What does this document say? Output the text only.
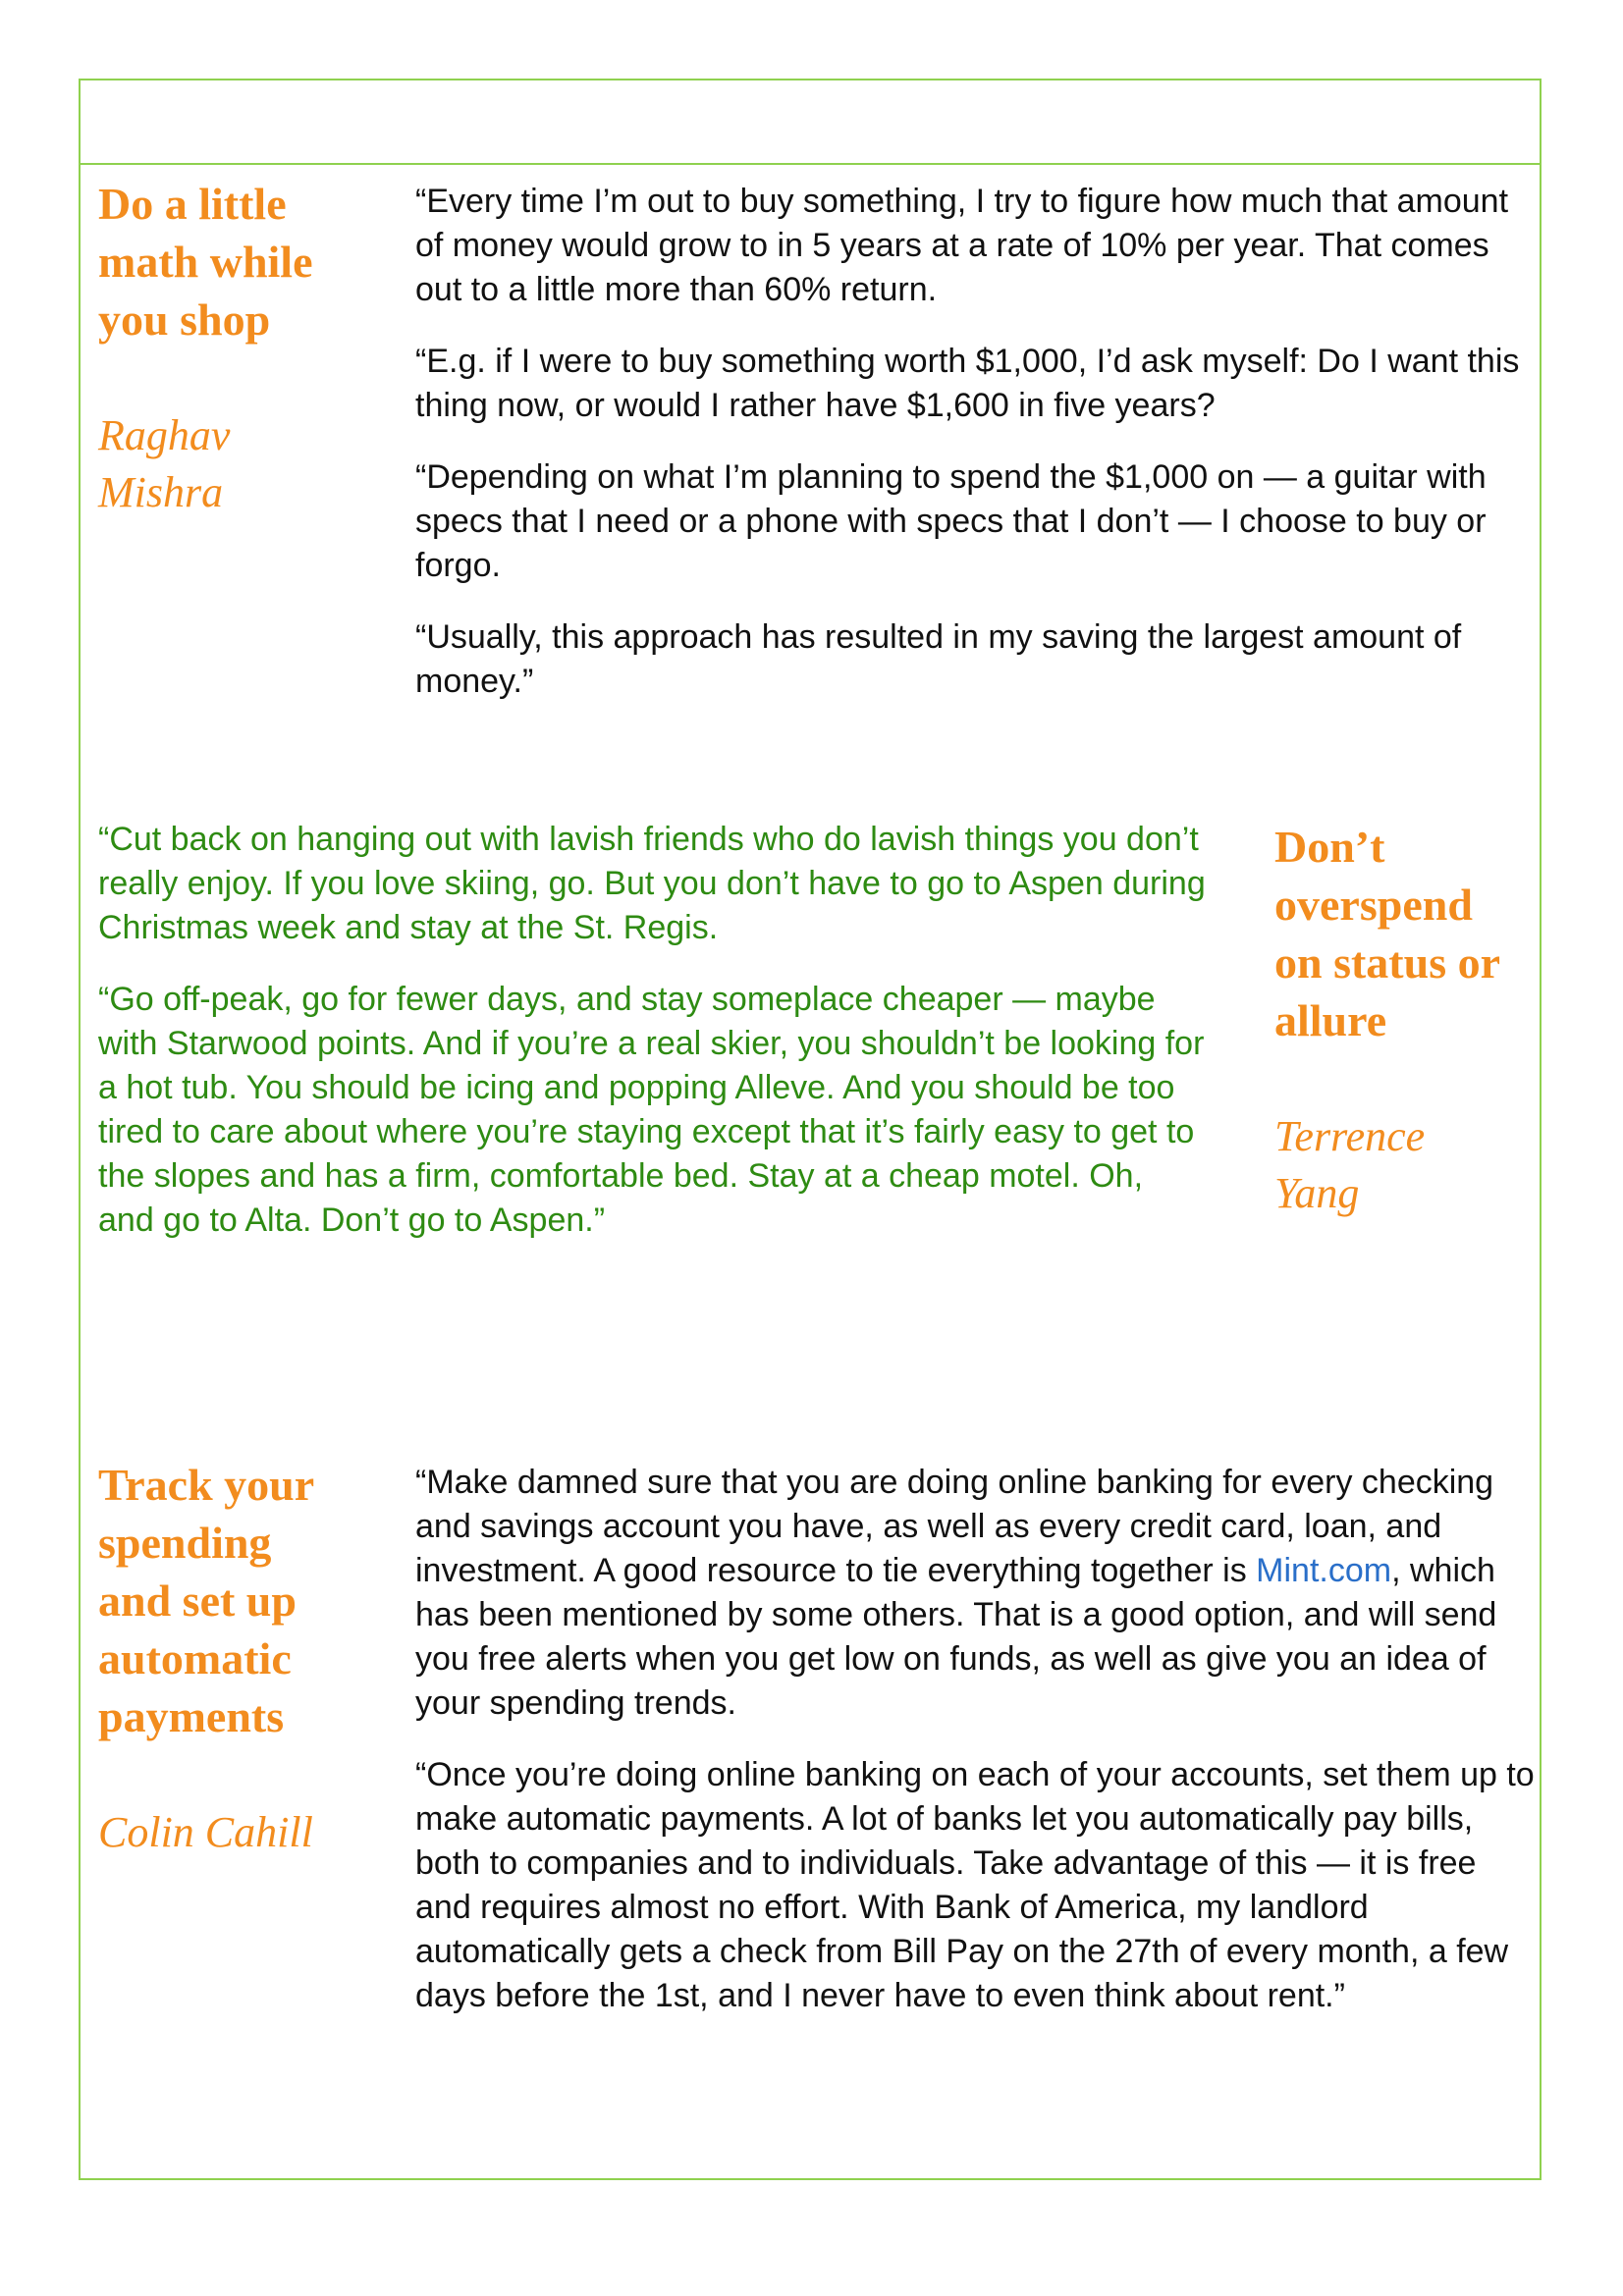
Do a little
math while
you shop

Raghav
Mishra

“Every time I’m out to buy something, I try to figure how much that amount of money would grow to in 5 years at a rate of 10% per year. That comes out to a little more than 60% return.

“E.g. if I were to buy something worth $1,000, I’d ask myself: Do I want this thing now, or would I rather have $1,600 in five years?

“Depending on what I’m planning to spend the $1,000 on — a guitar with specs that I need or a phone with specs that I don’t — I choose to buy or forgo.

“Usually, this approach has resulted in my saving the largest amount of money.”

“Cut back on hanging out with lavish friends who do lavish things you don’t really enjoy. If you love skiing, go. But you don’t have to go to Aspen during Christmas week and stay at the St. Regis.

“Go off-peak, go for fewer days, and stay someplace cheaper — maybe with Starwood points. And if you’re a real skier, you shouldn’t be looking for a hot tub. You should be icing and popping Alleve. And you should be too tired to care about where you’re staying except that it’s fairly easy to get to the slopes and has a firm, comfortable bed. Stay at a cheap motel. Oh, and go to Alta. Don’t go to Aspen.”

Don’t
overspend
on status or
allure

Terrence
Yang

Track your
spending
and set up
automatic
payments

Colin Cahill

“Make damned sure that you are doing online banking for every checking and savings account you have, as well as every credit card, loan, and investment. A good resource to tie everything together is Mint.com, which has been mentioned by some others. That is a good option, and will send you free alerts when you get low on funds, as well as give you an idea of your spending trends.

“Once you’re doing online banking on each of your accounts, set them up to make automatic payments. A lot of banks let you automatically pay bills, both to companies and to individuals. Take advantage of this — it is free and requires almost no effort. With Bank of America, my landlord automatically gets a check from Bill Pay on the 27th of every month, a few days before the 1st, and I never have to even think about rent.”
